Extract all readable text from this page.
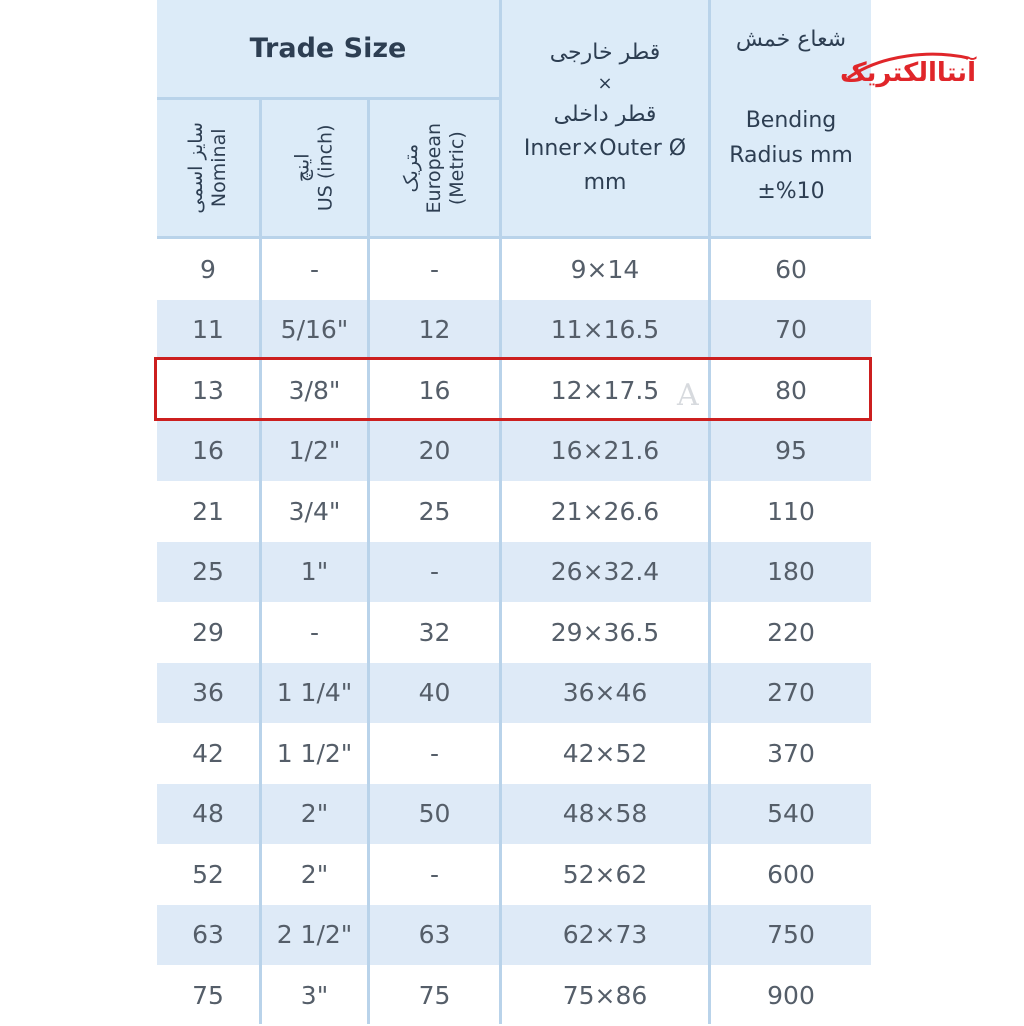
Trade Size
سایز اسمی Nominal	اینچ US (inch)	متریک European (Metric)
قطر خارجی
×
قطر داخلی
Inner×Outer Ø
mm
شعاع خمش
Bending
Radius mm
±%10
9	-	-	9×14	60
11	5/16"	12	11×16.5	70
13	3/8"	16	12×17.5	80
16	1/2"	20	16×21.6	95
21	3/4"	25	21×26.6	110
25	1"	-	26×32.4	180
29	-	32	29×36.5	220
36	1 1/4"	40	36×46	270
42	1 1/2"	-	42×52	370
48	2"	50	48×58	540
52	2"	-	52×62	600
63	2 1/2"	63	62×73	750
75	3"	75	75×86	900
A
آنتاالکتریک
